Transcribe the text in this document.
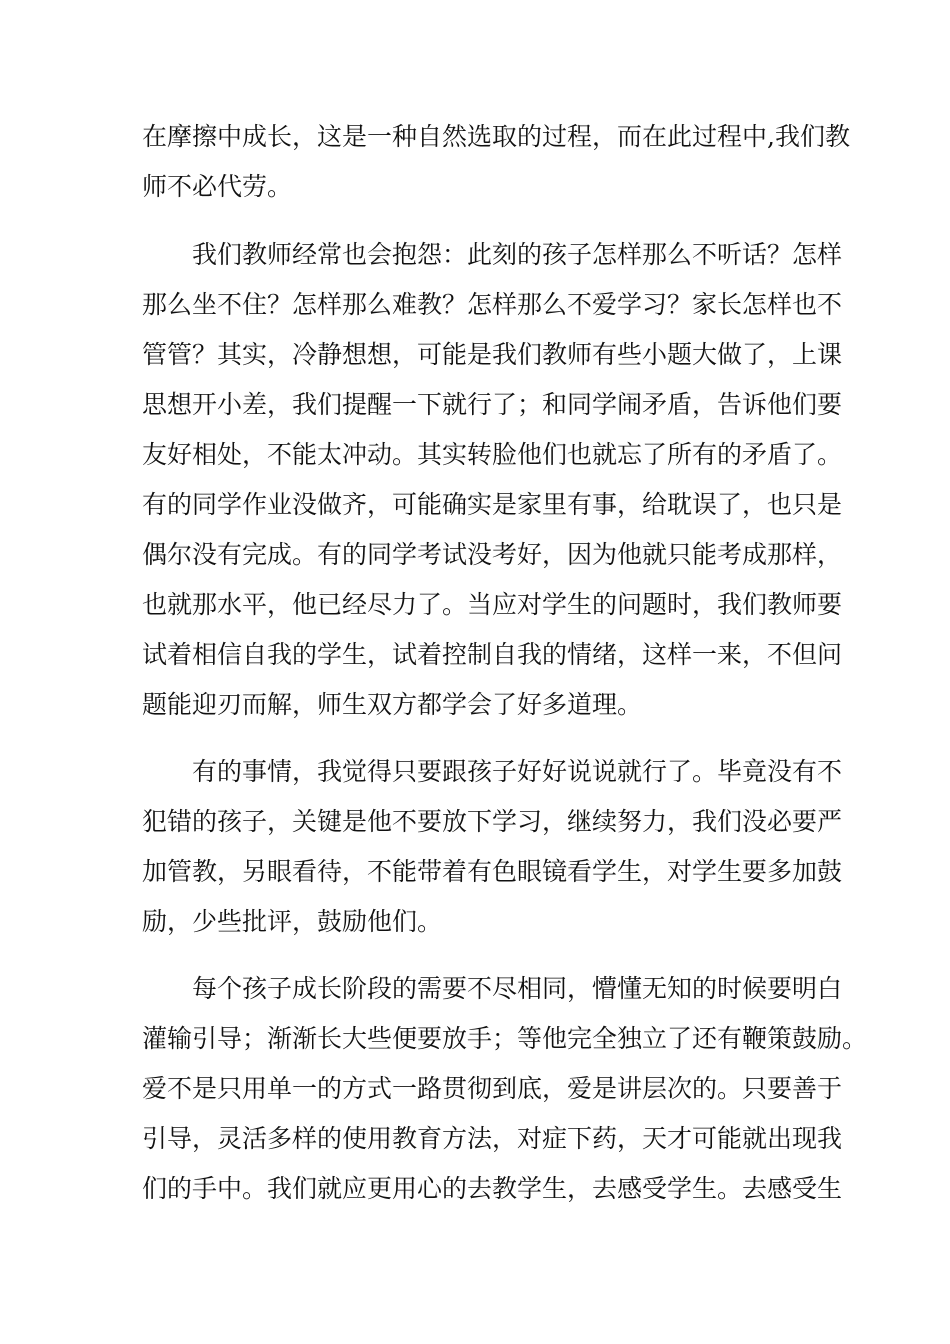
在摩擦中成长，这是一种自然选取的过程，而在此过程中,我们教
师不必代劳。
我们教师经常也会抱怨：此刻的孩子怎样那么不听话？怎样
那么坐不住？怎样那么难教？怎样那么不爱学习？家长怎样也不
管管？其实，冷静想想，可能是我们教师有些小题大做了，上课
思想开小差，我们提醒一下就行了；和同学闹矛盾，告诉他们要
友好相处，不能太冲动。其实转脸他们也就忘了所有的矛盾了。
有的同学作业没做齐，可能确实是家里有事，给耽误了，也只是
偶尔没有完成。有的同学考试没考好，因为他就只能考成那样，
也就那水平，他已经尽力了。当应对学生的问题时，我们教师要
试着相信自我的学生，试着控制自我的情绪，这样一来，不但问
题能迎刃而解，师生双方都学会了好多道理。
有的事情，我觉得只要跟孩子好好说说就行了。毕竟没有不
犯错的孩子，关键是他不要放下学习，继续努力，我们没必要严
加管教，另眼看待，不能带着有色眼镜看学生，对学生要多加鼓
励，少些批评，鼓励他们。
每个孩子成长阶段的需要不尽相同，懵懂无知的时候要明白
灌输引导；渐渐长大些便要放手；等他完全独立了还有鞭策鼓励。
爱不是只用单一的方式一路贯彻到底，爱是讲层次的。只要善于
引导，灵活多样的使用教育方法，对症下药，天才可能就出现我
们的手中。我们就应更用心的去教学生，去感受学生。去感受生
